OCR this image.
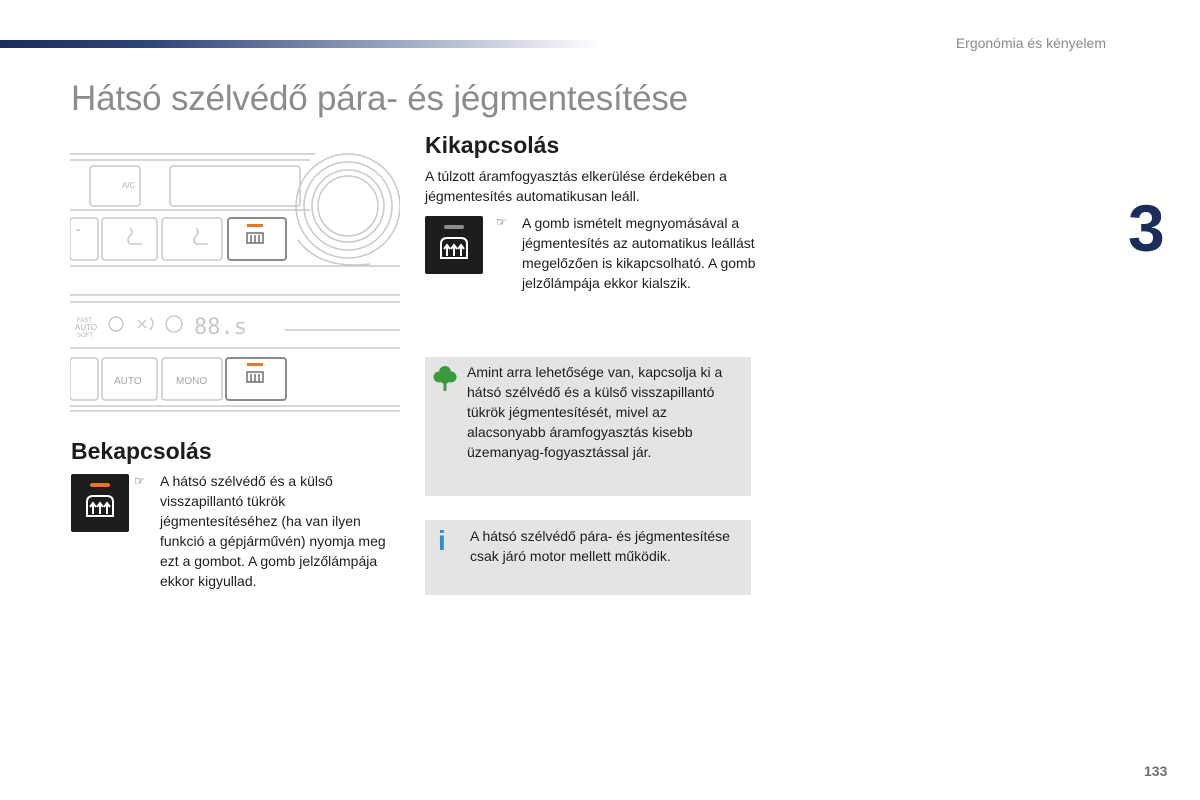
Ergonómia és kényelem
Hátsó szélvédő pára- és jégmentesítése
3
A/C
FAST
AUTO
SOFT	88.s
AUTO	MONO
Bekapcsolás
☞ A hátsó szélvédő és a külső visszapillantó tükrök jégmentesítéséhez (ha van ilyen funkció a gépjárművén) nyomja meg ezt a gombot. A gomb jelzőlámpája ekkor kigyullad.
Kikapcsolás
A túlzott áramfogyasztás elkerülése érdekében a jégmentesítés automatikusan leáll.
☞ A gomb ismételt megnyomásával a jégmentesítés az automatikus leállást megelőzően is kikapcsolható. A gomb jelzőlámpája ekkor kialszik.
Amint arra lehetősége van, kapcsolja ki a hátsó szélvédő és a külső visszapillantó tükrök jégmentesítését, mivel az alacsonyabb áramfogyasztás kisebb üzemanyag-fogyasztással jár.
i A hátsó szélvédő pára- és jégmentesítése csak járó motor mellett működik.
133
